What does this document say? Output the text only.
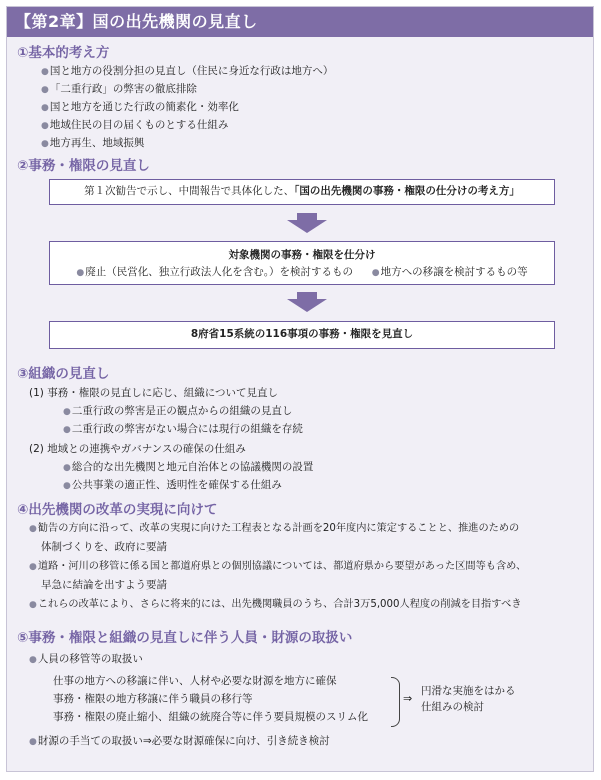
【第2章】国の出先機関の見直し
①基本的考え方
● 国と地方の役割分担の見直し（住民に身近な行政は地方へ）
● 「二重行政」の弊害の徹底排除
● 国と地方を通じた行政の簡素化・効率化
● 地域住民の目の届くものとする仕組み
● 地方再生、地域振興
②事務・権限の見直し
第１次勧告で示し、中間報告で具体化した、「国の出先機関の事務・権限の仕分けの考え方」
対象機関の事務・権限を仕分け
● 廃止（民営化、独立行政法人化を含む。）を検討するもの  ●	地方への移譲を検討するもの等
8府省15系統の116事項の事務・権限を見直し
③組織の見直し
(1) 事務・権限の見直しに応じ、組織について見直し
● 二重行政の弊害是正の観点からの組織の見直し
● 二重行政の弊害がない場合には現行の組織を存続
(2) 地域との連携やガバナンスの確保の仕組み
● 総合的な出先機関と地元自治体との協議機関の設置
● 公共事業の適正性、透明性を確保する仕組み
④出先機関の改革の実現に向けて
● 勧告の方向に沿って、改革の実現に向けた工程表となる計画を20年度内に策定することと、推進のための
体制づくりを、政府に要請
● 道路・河川の移管に係る国と都道府県との個別協議については、都道府県から要望があった区間等も含め、
早急に結論を出すよう要請
● これらの改革により、さらに将来的には、出先機関職員のうち、合計3万5,000人程度の削減を目指すべき
⑤事務・権限と組織の見直しに伴う人員・財源の取扱い
● 人員の移管等の取扱い
仕事の地方への移譲に伴い、人材や必要な財源を地方に確保
事務・権限の地方移譲に伴う職員の移行等
事務・権限の廃止縮小、組織の統廃合等に伴う要員規模のスリム化
⇒
円滑な実施をはかる
仕組みの検討
● 財源の手当ての取扱い⇒必要な財源確保に向け、引き続き検討
